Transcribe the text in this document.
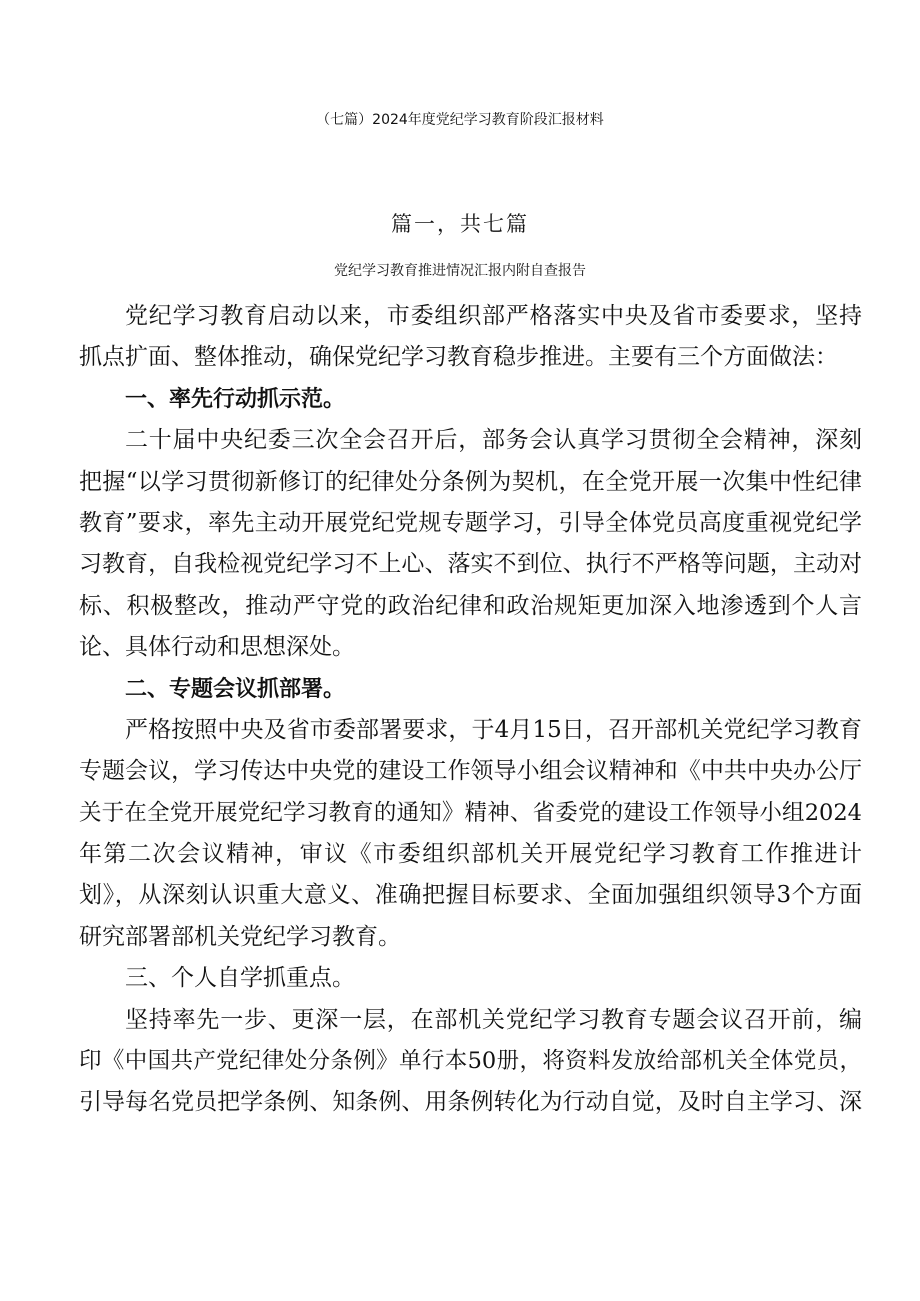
（七篇）2024年度党纪学习教育阶段汇报材料
篇一，共七篇
党纪学习教育推进情况汇报内附自查报告
党纪学习教育启动以来，市委组织部严格落实中央及省市委要求，坚持
抓点扩面、整体推动，确保党纪学习教育稳步推进。主要有三个方面做法：
一、率先行动抓示范。
二十届中央纪委三次全会召开后，部务会认真学习贯彻全会精神，深刻
把握“以学习贯彻新修订的纪律处分条例为契机，在全党开展一次集中性纪律
教育”要求，率先主动开展党纪党规专题学习，引导全体党员高度重视党纪学
习教育，自我检视党纪学习不上心、落实不到位、执行不严格等问题，主动对
标、积极整改，推动严守党的政治纪律和政治规矩更加深入地渗透到个人言
论、具体行动和思想深处。
二、专题会议抓部署。
严格按照中央及省市委部署要求，于4月15日，召开部机关党纪学习教育
专题会议，学习传达中央党的建设工作领导小组会议精神和《中共中央办公厅
关于在全党开展党纪学习教育的通知》精神、省委党的建设工作领导小组2024
年第二次会议精神，审议《市委组织部机关开展党纪学习教育工作推进计
划》，从深刻认识重大意义、准确把握目标要求、全面加强组织领导3个方面
研究部署部机关党纪学习教育。
三、个人自学抓重点。
坚持率先一步、更深一层，在部机关党纪学习教育专题会议召开前，编
印《中国共产党纪律处分条例》单行本50册，将资料发放给部机关全体党员，
引导每名党员把学条例、知条例、用条例转化为行动自觉，及时自主学习、深
